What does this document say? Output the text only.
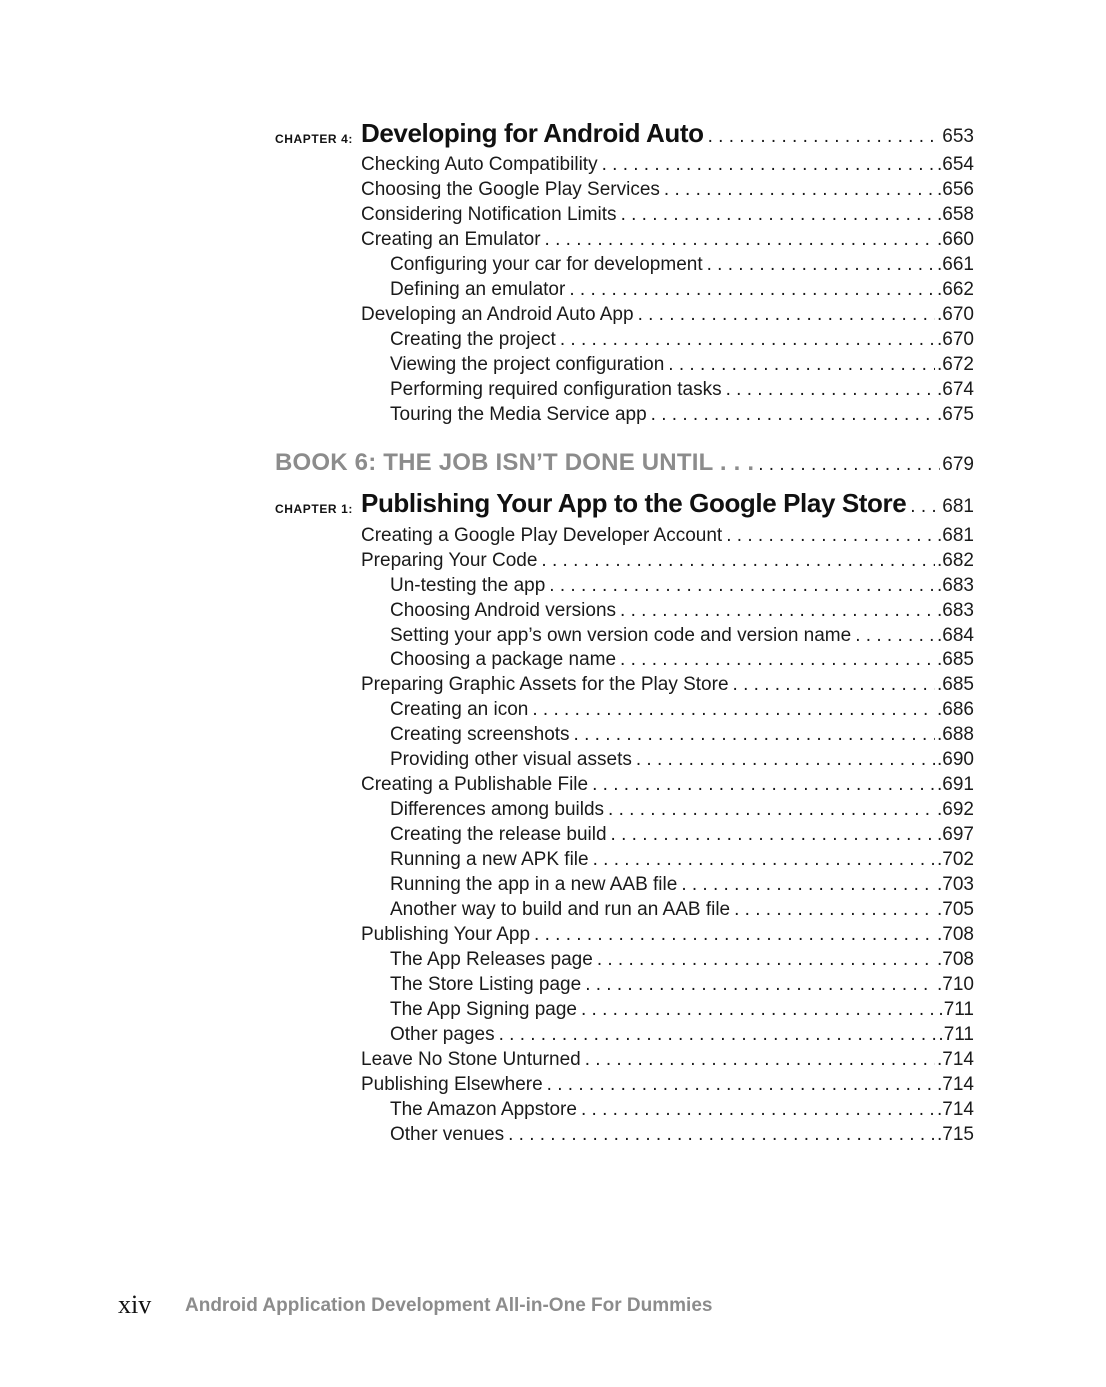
CHAPTER 4: Developing for Android Auto . . .	653
Checking Auto Compatibility . . .	.654
Choosing the Google Play Services . . .	.656
Considering Notification Limits . . .	.658
Creating an Emulator . . .	.660
Configuring your car for development . . .	.661
Defining an emulator . . .	.662
Developing an Android Auto App . . .	.670
Creating the project . . .	.670
Viewing the project configuration . . .	.672
Performing required configuration tasks . . .	.674
Touring the Media Service app . . .	.675
BOOK 6: THE JOB ISN’T DONE UNTIL . . . . . .	679
CHAPTER 1: Publishing Your App to the Google Play Store . . . 681
Creating a Google Play Developer Account . . .	.681
Preparing Your Code . . .	.682
Un-testing the app . . .	.683
Choosing Android versions . . .	.683
Setting your app’s own version code and version name . . .	.684
Choosing a package name . . .	.685
Preparing Graphic Assets for the Play Store . . .	.685
Creating an icon . . .	.686
Creating screenshots . . .	.688
Providing other visual assets . . .	.690
Creating a Publishable File . . .	.691
Differences among builds . . .	.692
Creating the release build . . .	.697
Running a new APK file . . .	.702
Running the app in a new AAB file . . .	.703
Another way to build and run an AAB file . . .	.705
Publishing Your App . . .	.708
The App Releases page . . .	.708
The Store Listing page . . .	.710
The App Signing page . . .	.711
Other pages . . .	.711
Leave No Stone Unturned . . .	.714
Publishing Elsewhere . . .	.714
The Amazon Appstore . . .	.714
Other venues . . .	.715
xiv Android Application Development All-in-One For Dummies
